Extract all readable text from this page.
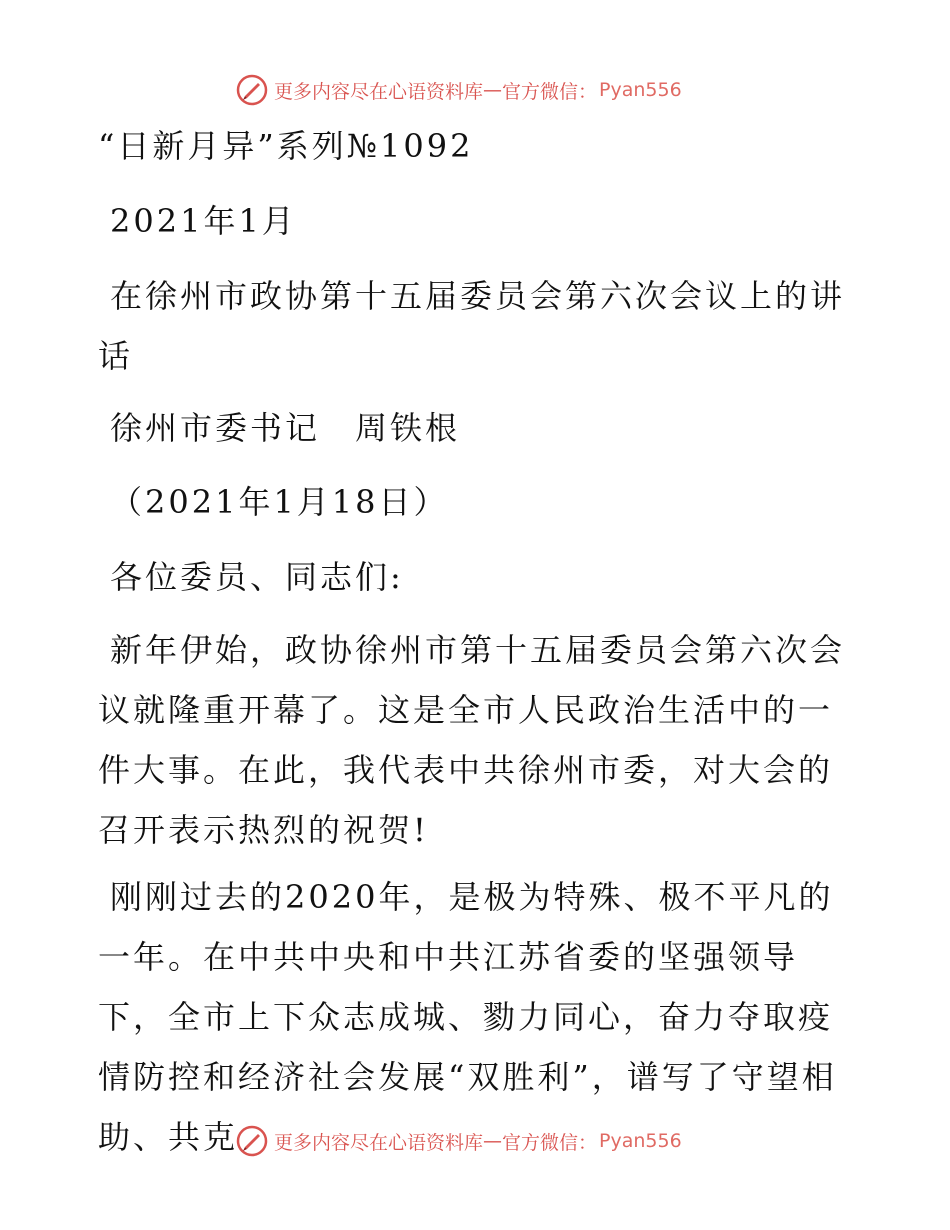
更多内容尽在心语资料库 — 官方微信： Pyan556
“日新月异”系列№1092
2021年1月
在徐州市政协第十五届委员会第六次会议上的讲话
徐州市委书记　周铁根
（2021年1月18日）
各位委员、同志们:
新年伊始，政协徐州市第十五届委员会第六次会议就隆重开幕了。这是全市人民政治生活中的一件大事。在此，我代表中共徐州市委，对大会的召开表示热烈的祝贺!
刚刚过去的2020年，是极为特殊、极不平凡的一年。在中共中央和中共江苏省委的坚强领导下，全市上下众志成城、勠力同心，奋力夺取疫情防控和经济社会发展“双胜利”，谱写了守望相助、共克	更多内容尽在心语资料库 — 官方微信： Pyan556
